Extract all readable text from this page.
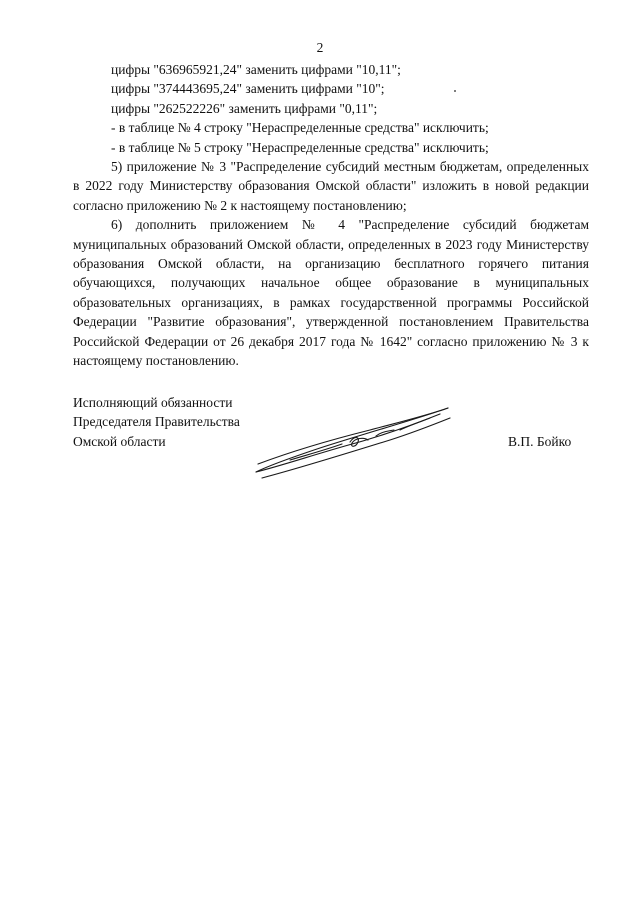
2

цифры "636965921,24" заменить цифрами "10,11";

цифры "374443695,24" заменить цифрами "10";

цифры "262522226" заменить цифрами "0,11";

- в таблице № 4 строку "Нераспределенные средства" исключить;

- в таблице № 5 строку "Нераспределенные средства" исключить;

5) приложение № 3 "Распределение субсидий местным бюджетам, определенных в 2022 году Министерству образования Омской области" изложить в новой редакции согласно приложению № 2 к настоящему постановлению;

6) дополнить приложением № 4 "Распределение субсидий бюджетам муниципальных образований Омской области, определенных в 2023 году Министерству образования Омской области, на организацию бесплатного горячего питания обучающихся, получающих начальное общее образование в муниципальных образовательных организациях, в рамках государственной программы Российской Федерации "Развитие образования", утвержденной постановлением Правительства Российской Федерации от 26 декабря 2017 года № 1642" согласно приложению № 3 к настоящему постановлению.

Исполняющий обязанности
Председателя Правительства
Омской области	В.П. Бойко
